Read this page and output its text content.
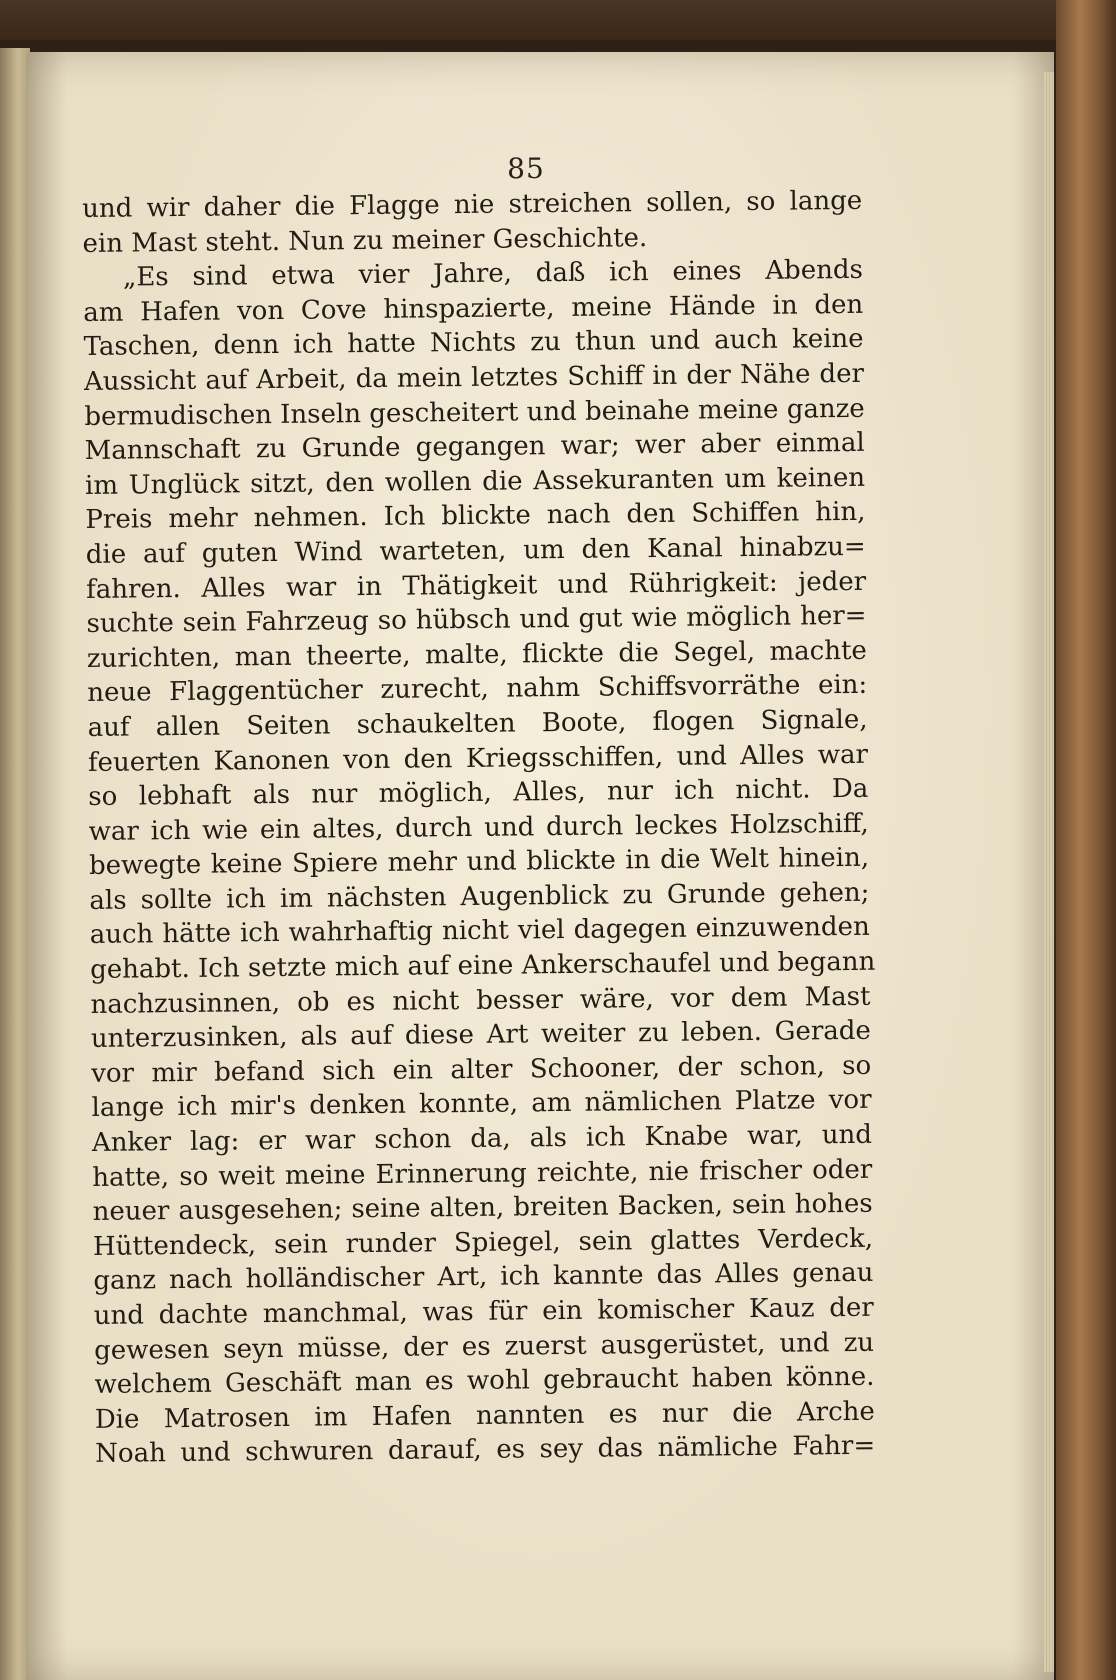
85
und wir daher die Flagge nie streichen sollen, so lange
ein Mast steht. Nun zu meiner Geschichte.
„Es sind etwa vier Jahre, daß ich eines Abends
am Hafen von Cove hinspazierte, meine Hände in den
Taschen, denn ich hatte Nichts zu thun und auch keine
Aussicht auf Arbeit, da mein letztes Schiff in der Nähe der
bermudischen Inseln gescheitert und beinahe meine ganze
Mannschaft zu Grunde gegangen war; wer aber einmal
im Unglück sitzt, den wollen die Assekuranten um keinen
Preis mehr nehmen. Ich blickte nach den Schiffen hin,
die auf guten Wind warteten, um den Kanal hinabzu=
fahren. Alles war in Thätigkeit und Rührigkeit: jeder
suchte sein Fahrzeug so hübsch und gut wie möglich her=
zurichten, man theerte, malte, flickte die Segel, machte
neue Flaggentücher zurecht, nahm Schiffsvorräthe ein:
auf allen Seiten schaukelten Boote, flogen Signale,
feuerten Kanonen von den Kriegsschiffen, und Alles war
so lebhaft als nur möglich, Alles, nur ich nicht. Da
war ich wie ein altes, durch und durch leckes Holzschiff,
bewegte keine Spiere mehr und blickte in die Welt hinein,
als sollte ich im nächsten Augenblick zu Grunde gehen;
auch hätte ich wahrhaftig nicht viel dagegen einzuwenden
gehabt. Ich setzte mich auf eine Ankerschaufel und begann
nachzusinnen, ob es nicht besser wäre, vor dem Mast
unterzusinken, als auf diese Art weiter zu leben. Gerade
vor mir befand sich ein alter Schooner, der schon, so
lange ich mir's denken konnte, am nämlichen Platze vor
Anker lag: er war schon da, als ich Knabe war, und
hatte, so weit meine Erinnerung reichte, nie frischer oder
neuer ausgesehen; seine alten, breiten Backen, sein hohes
Hüttendeck, sein runder Spiegel, sein glattes Verdeck,
ganz nach holländischer Art, ich kannte das Alles genau
und dachte manchmal, was für ein komischer Kauz der
gewesen seyn müsse, der es zuerst ausgerüstet, und zu
welchem Geschäft man es wohl gebraucht haben könne.
Die Matrosen im Hafen nannten es nur die Arche
Noah und schwuren darauf, es sey das nämliche Fahr=
